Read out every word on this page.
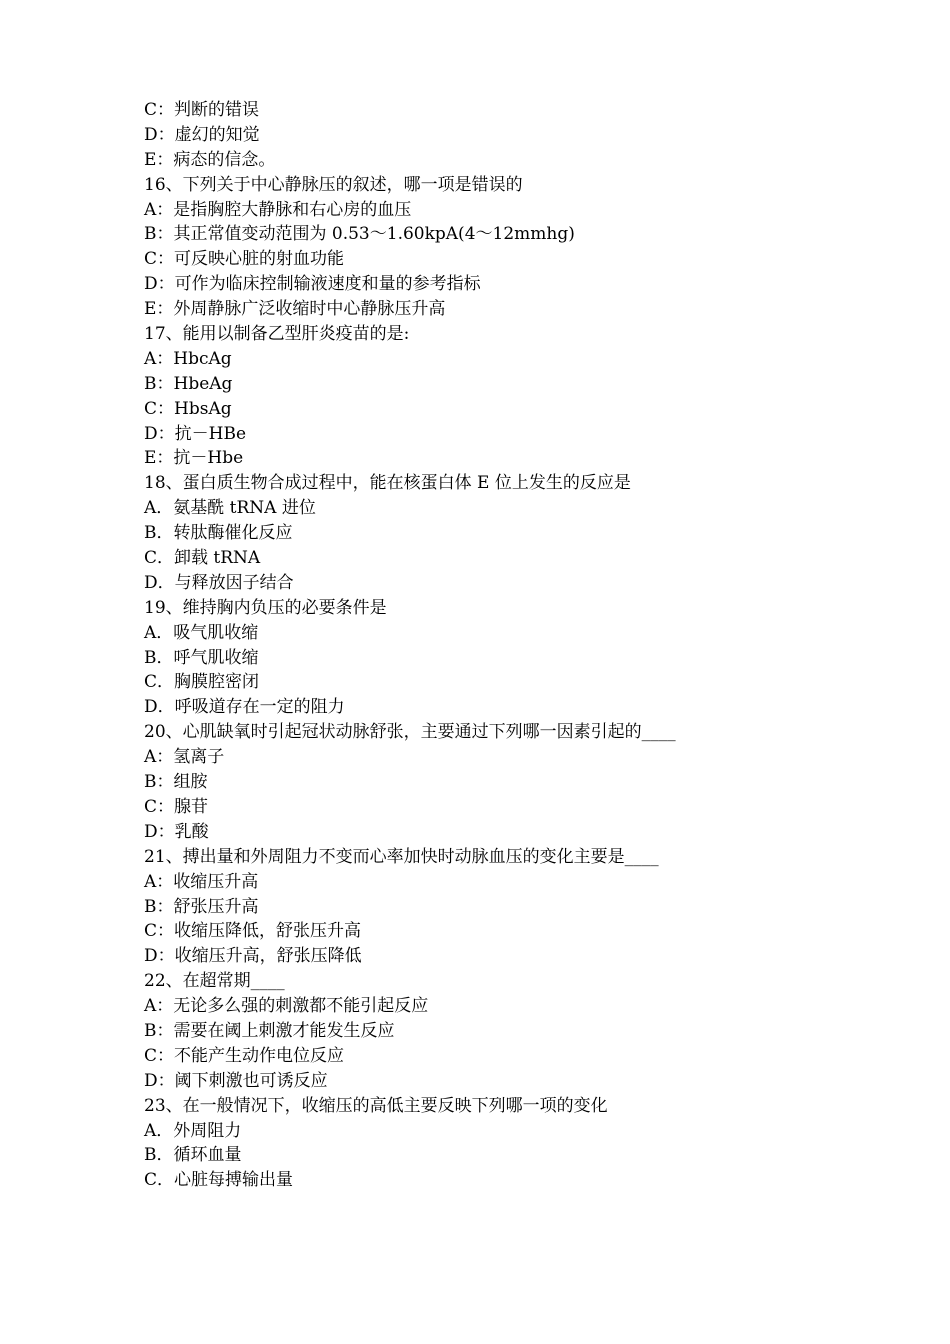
C：判断的错误
D：虚幻的知觉
E：病态的信念。
16、下列关于中心静脉压的叙述，哪一项是错误的
A：是指胸腔大静脉和右心房的血压
B：其正常值变动范围为 0.53～1.60kpA(4～12mmhg)
C：可反映心脏的射血功能
D：可作为临床控制输液速度和量的参考指标
E：外周静脉广泛收缩时中心静脉压升高
17、能用以制备乙型肝炎疫苗的是:
A：HbcAg
B：HbeAg
C：HbsAg
D：抗－HBe
E：抗－Hbe
18、蛋白质生物合成过程中，能在核蛋白体 E 位上发生的反应是
A．氨基酰 tRNA 进位
B．转肽酶催化反应
C．卸载 tRNA
D．与释放因子结合
19、维持胸内负压的必要条件是
A．吸气肌收缩
B．呼气肌收缩
C．胸膜腔密闭
D．呼吸道存在一定的阻力
20、心肌缺氧时引起冠状动脉舒张，主要通过下列哪一因素引起的____
A：氢离子
B：组胺
C：腺苷
D：乳酸
21、搏出量和外周阻力不变而心率加快时动脉血压的变化主要是____
A：收缩压升高
B：舒张压升高
C：收缩压降低，舒张压升高
D：收缩压升高，舒张压降低
22、在超常期____
A：无论多么强的刺激都不能引起反应
B：需要在阈上刺激才能发生反应
C：不能产生动作电位反应
D：阈下刺激也可诱反应
23、在一般情况下，收缩压的高低主要反映下列哪一项的变化
A．外周阻力
B．循环血量
C．心脏每搏输出量
